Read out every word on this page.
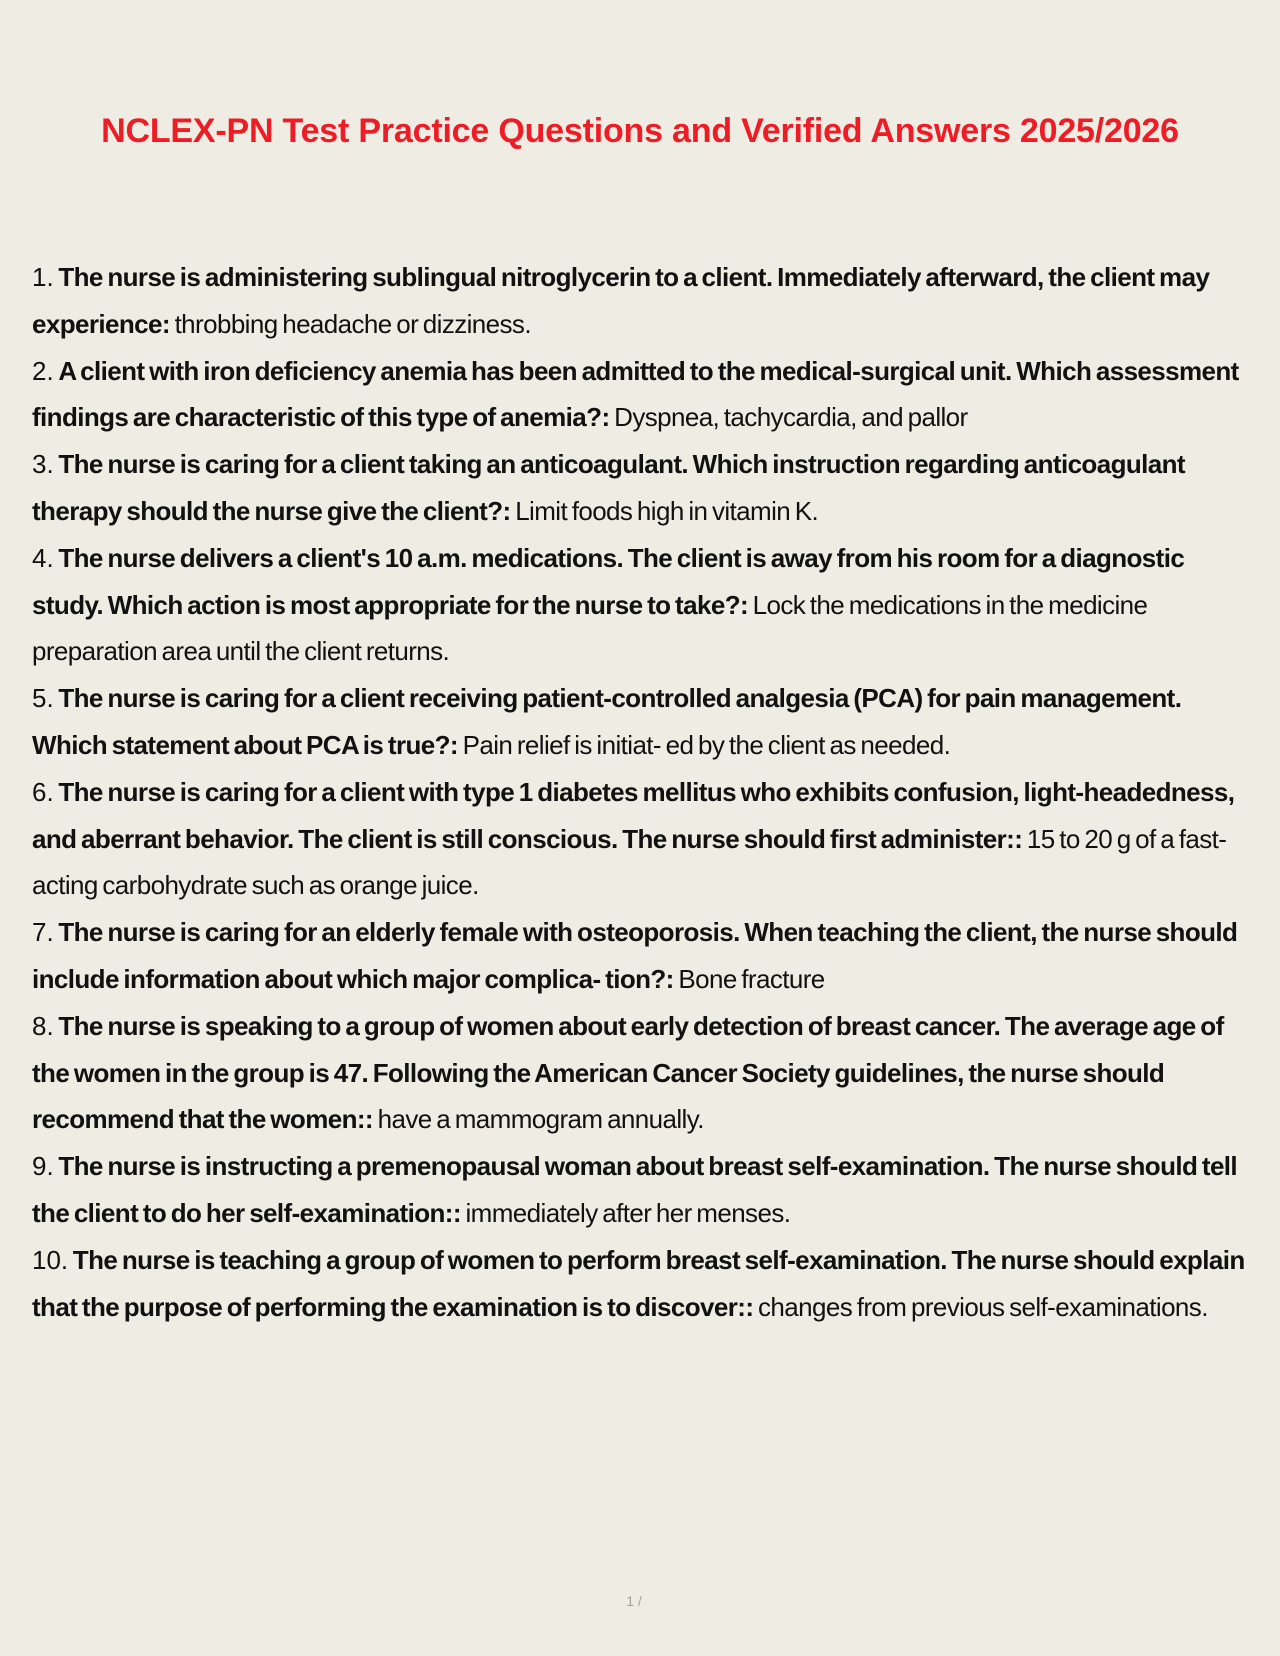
NCLEX-PN Test Practice Questions and Verified Answers 2025/2026

1. The nurse is administering sublingual nitroglycerin to a client. Immediately afterward, the client may experience: throbbing headache or dizziness.

2. A client with iron deficiency anemia has been admitted to the medical-surgical unit. Which assessment findings are characteristic of this type of anemia?: Dyspnea, tachycardia, and pallor

3. The nurse is caring for a client taking an anticoagulant. Which instruction regarding anticoagulant therapy should the nurse give the client?: Limit foods high in vitamin K.

4. The nurse delivers a client's 10 a.m. medications. The client is away from his room for a diagnostic study. Which action is most appropriate for the nurse to take?: Lock the medications in the medicine preparation area until the client returns.

5. The nurse is caring for a client receiving patient-controlled analgesia (PCA) for pain management. Which statement about PCA is true?: Pain relief is initiat- ed by the client as needed.

6. The nurse is caring for a client with type 1 diabetes mellitus who exhibits confusion, light-headedness, and aberrant behavior. The client is still conscious. The nurse should first administer:: 15 to 20 g of a fast-acting carbohydrate such as orange juice.

7. The nurse is caring for an elderly female with osteoporosis. When teaching the client, the nurse should include information about which major complica- tion?: Bone fracture

8. The nurse is speaking to a group of women about early detection of breast cancer. The average age of the women in the group is 47. Following the American Cancer Society guidelines, the nurse should recommend that the women:: have a mammogram annually.

9. The nurse is instructing a premenopausal woman about breast self-examination. The nurse should tell the client to do her self-examination:: immediately after her menses.

10. The nurse is teaching a group of women to perform breast self-examination. The nurse should explain that the purpose of performing the examination is to discover:: changes from previous self-examinations.

1 /
